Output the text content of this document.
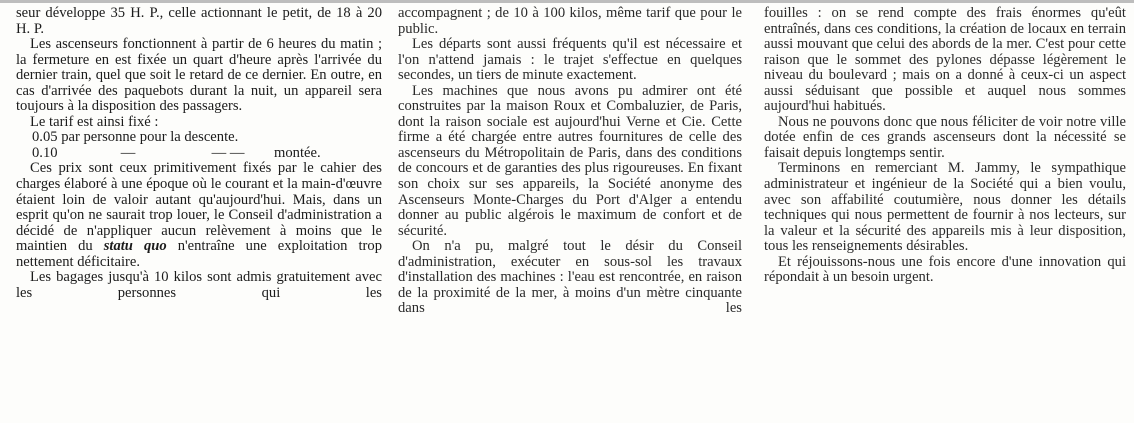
seur développe 35 H. P., celle actionnant le petit, de 18 à 20 H. P.

Les ascenseurs fonctionnent à partir de 6 heures du matin ; la fermeture en est fixée un quart d'heure après l'arrivée du dernier train, quel que soit le retard de ce dernier. En outre, en cas d'arrivée des paquebots durant la nuit, un appareil sera toujours à la disposition des passagers.

Le tarif est ainsi fixé :

0.05 par personne pour la descente.

0.10	—	— — montée.

Ces prix sont ceux primitivement fixés par le cahier des charges élaboré à une époque où le courant et la main-d'œuvre étaient loin de valoir autant qu'aujourd'hui. Mais, dans un esprit qu'on ne saurait trop louer, le Conseil d'administration a décidé de n'appliquer aucun relèvement à moins que le maintien du statu quo n'entraîne une exploitation trop nettement déficitaire.

Les bagages jusqu'à 10 kilos sont admis gratuitement avec les personnes qui les

accompagnent ; de 10 à 100 kilos, même tarif que pour le public.

Les départs sont aussi fréquents qu'il est nécessaire et l'on n'attend jamais : le trajet s'effectue en quelques secondes, un tiers de minute exactement.

Les machines que nous avons pu admirer ont été construites par la maison Roux et Combaluzier, de Paris, dont la raison sociale est aujourd'hui Verne et Cie. Cette firme a été chargée entre autres fournitures de celle des ascenseurs du Métropolitain de Paris, dans des conditions de concours et de garanties des plus rigoureuses. En fixant son choix sur ses appareils, la Société anonyme des Ascenseurs Monte-Charges du Port d'Alger a entendu donner au public algérois le maximum de confort et de sécurité.

On n'a pu, malgré tout le désir du Conseil d'administration, exécuter en sous-sol les travaux d'installation des machines : l'eau est rencontrée, en raison de la proximité de la mer, à moins d'un mètre cinquante dans les

fouilles : on se rend compte des frais énormes qu'eût entraînés, dans ces conditions, la création de locaux en terrain aussi mouvant que celui des abords de la mer. C'est pour cette raison que le sommet des pylones dépasse légèrement le niveau du boulevard ; mais on a donné à ceux-ci un aspect aussi séduisant que possible et auquel nous sommes aujourd'hui habitués.

Nous ne pouvons donc que nous féliciter de voir notre ville dotée enfin de ces grands ascenseurs dont la nécessité se faisait depuis longtemps sentir.

Terminons en remerciant M. Jammy, le sympathique administrateur et ingénieur de la Société qui a bien voulu, avec son affabilité coutumière, nous donner les détails techniques qui nous permettent de fournir à nos lecteurs, sur la valeur et la sécurité des appareils mis à leur disposition, tous les renseignements désirables.

Et réjouissons-nous une fois encore d'une innovation qui répondait à un besoin urgent.
